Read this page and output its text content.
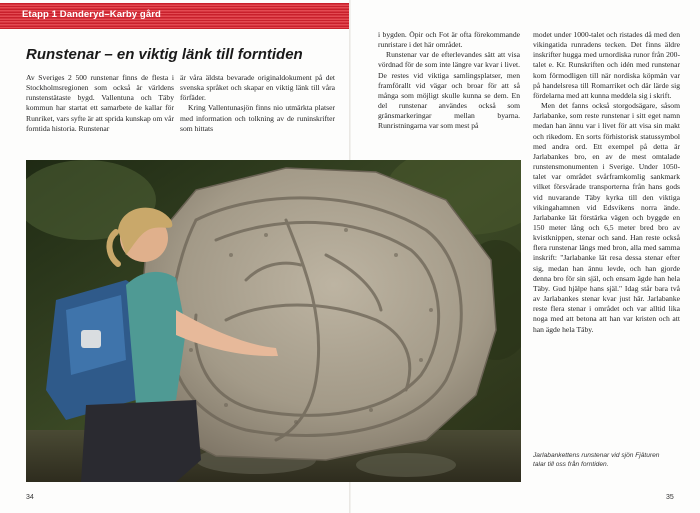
Etapp 1 Danderyd–Karby gård
Runstenar – en viktig länk till forntiden

Av Sveriges 2 500 runstenar finns de flesta i Stockholmsregionen som också är världens runstenstätaste bygd. Vallentuna och Täby kommun har startat ett samarbete de kallar för Runriket, vars syfte är att sprida kunskap om vår forntida historia. Runstenar

är våra äldsta bevarade originaldokument på det svenska språket och skapar en viktig länk till våra förfäder.

Kring Vallentunasjön finns nio utmärkta platser med information och tolkning av de runinskrifter som hittats

i bygden. Öpir och Fot är ofta förekommande runristare i det här området.

Runstenar var de efterlevandes sätt att visa vördnad för de som inte längre var kvar i livet. De restes vid viktiga samlingsplatser, men framförallt vid vägar och broar för att så många som möjligt skulle kunna se dem. En del runstenar användes också som gränsmarkeringar mellan byarna. Runristningarna var som mest på

modet under 1000-talet och ristades då med den vikingatida runradens tecken. Det finns äldre inskrifter hugga med urnordiska runor från 200-talet e. Kr. Runskriften och idén med runstenar kom förmodligen till när nordiska köpmän var på handelsresa till Romarriket och där lärde sig fördelarna med att kunna meddela sig i skrift.

Men det fanns också storgodsägare, såsom Jarlabanke, som reste runstenar i sitt eget namn medan han ännu var i livet för att visa sin makt och rikedom. En sorts förhistorisk statussymbol med andra ord. Ett exempel på detta är Jarlabankes bro, en av de mest omtalade runstensmonumenten i Sverige. Under 1050-talet var området svårframkomlig sankmark vilket försvårade transporterna från hans gods vid nuvarande Täby kyrka till den viktiga vikingahamnen vid Edsvikens norra ände. Jarlabanke lät förstärka vägen och byggde en 150 meter lång och 6,5 meter bred bro av kvistknippen, stenar och sand. Han reste också flera runstenar längs med bron, alla med samma inskrift: "Jarlabanke lät resa dessa stenar efter sig, medan han ännu levde, och han gjorde denna bro för sin själ, och ensam ägde han hela Täby. Gud hjälpe hans själ." Idag står bara två av Jarlabankes stenar kvar just här. Jarlabanke reste flera stenar i området och var alltid lika noga med att betona att han var kristen och att han ägde hela Täby.

Jarlabankettens runstenar vid sjön Fjäturen talar till oss från forntiden.
34	35
